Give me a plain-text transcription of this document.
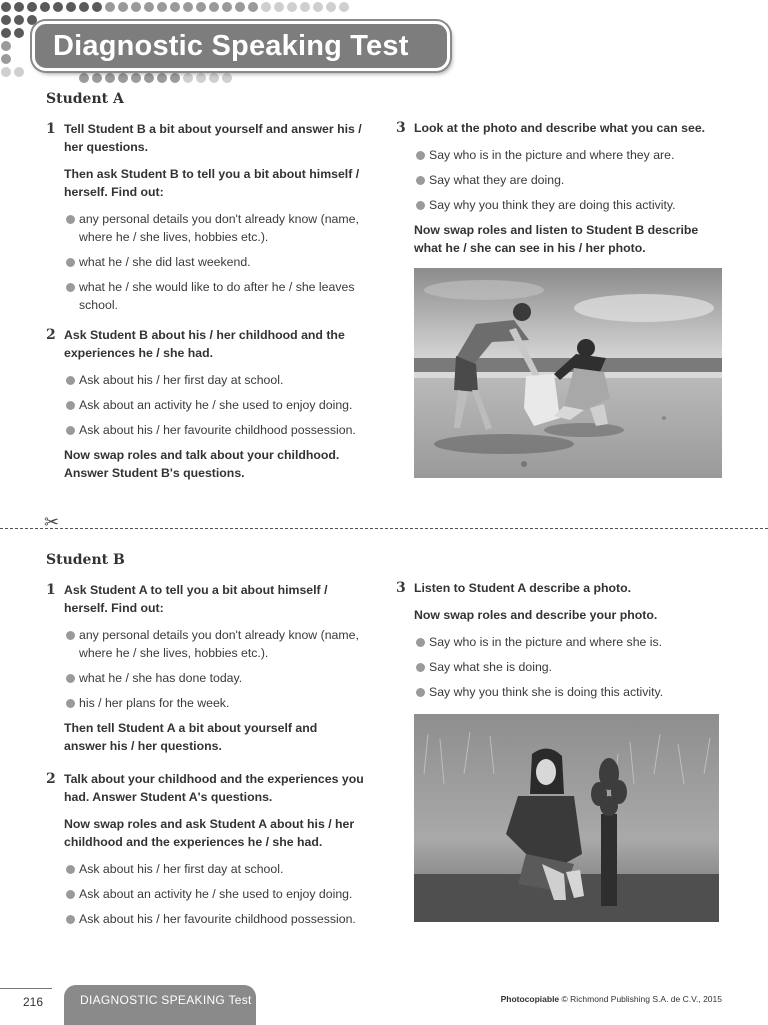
Diagnostic Speaking Test
Student A
1 Tell Student B a bit about yourself and answer his / her questions.

Then ask Student B to tell you a bit about himself / herself. Find out:

any personal details you don't already know (name, where he / she lives, hobbies etc.).
what he / she did last weekend.
what he / she would like to do after he / she leaves school.
2 Ask Student B about his / her childhood and the experiences he / she had.

Ask about his / her first day at school.
Ask about an activity he / she used to enjoy doing.
Ask about his / her favourite childhood possession.

Now swap roles and talk about your childhood. Answer Student B's questions.

3 Look at the photo and describe what you can see.

Say who is in the picture and where they are.
Say what they are doing.
Say why you think they are doing this activity.

Now swap roles and listen to Student B describe what he / she can see in his / her photo.

✂
Student B
1 Ask Student A to tell you a bit about himself / herself. Find out:

any personal details you don't already know (name, where he / she lives, hobbies etc.).
what he / she has done today.
his / her plans for the week.

Then tell Student A a bit about yourself and answer his / her questions.

2 Talk about your childhood and the experiences you had. Answer Student A's questions.

Now swap roles and ask Student A about his / her childhood and the experiences he / she had.

Ask about his / her first day at school.
Ask about an activity he / she used to enjoy doing.
Ask about his / her favourite childhood possession.
3 Listen to Student A describe a photo.

Now swap roles and describe your photo.

Say who is in the picture and where she is.
Say what she is doing.
Say why you think she is doing this activity.
216	DIAGNOSTIC SPEAKING Test	Photocopiable © Richmond Publishing S.A. de C.V., 2015
